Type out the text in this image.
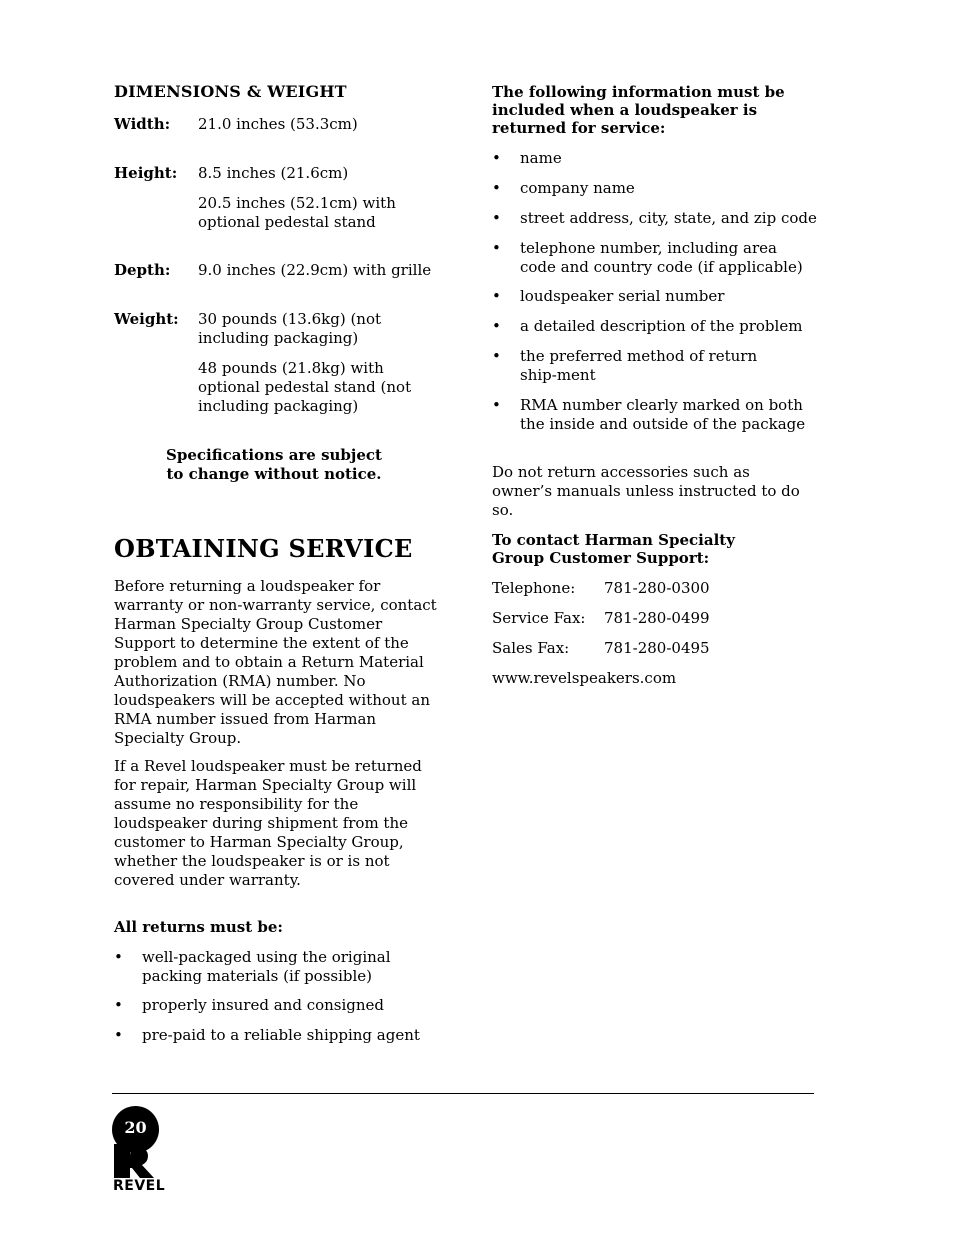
DIMENSIONS & WEIGHT
Width: 21.0 inches (53.3cm)
Height: 8.5 inches (21.6cm)
20.5 inches (52.1cm) with optional pedestal stand
Depth: 9.0 inches (22.9cm) with grille
Weight: 30 pounds (13.6kg) (not including packaging)
48 pounds (21.8kg) with optional pedestal stand (not including packaging)
Specifications are subject to change without notice.
OBTAINING SERVICE
Before returning a loudspeaker for warranty or non-warranty service, contact Harman Specialty Group Customer Support to determine the extent of the problem and to obtain a Return Material Authorization (RMA) number. No loudspeakers will be accepted without an RMA number issued from Harman Specialty Group.
If a Revel loudspeaker must be returned for repair, Harman Specialty Group will assume no responsibility for the loudspeaker during shipment from the customer to Harman Specialty Group, whether the loudspeaker is or is not covered under warranty.
All returns must be:
• well-packaged using the original packing materials (if possible)
• properly insured and consigned
• pre-paid to a reliable shipping agent
The following information must be included when a loudspeaker is returned for service:
• name
• company name
• street address, city, state, and zip code
• telephone number, including area code and country code (if applicable)
• loudspeaker serial number
• a detailed description of the problem
• the preferred method of return ship-ment
• RMA number clearly marked on both the inside and outside of the package
Do not return accessories such as owner’s manuals unless instructed to do so.
To contact Harman Specialty Group Customer Support:
Telephone: 781-280-0300
Service Fax: 781-280-0499
Sales Fax: 781-280-0495
www.revelspeakers.com
20
REVEL
